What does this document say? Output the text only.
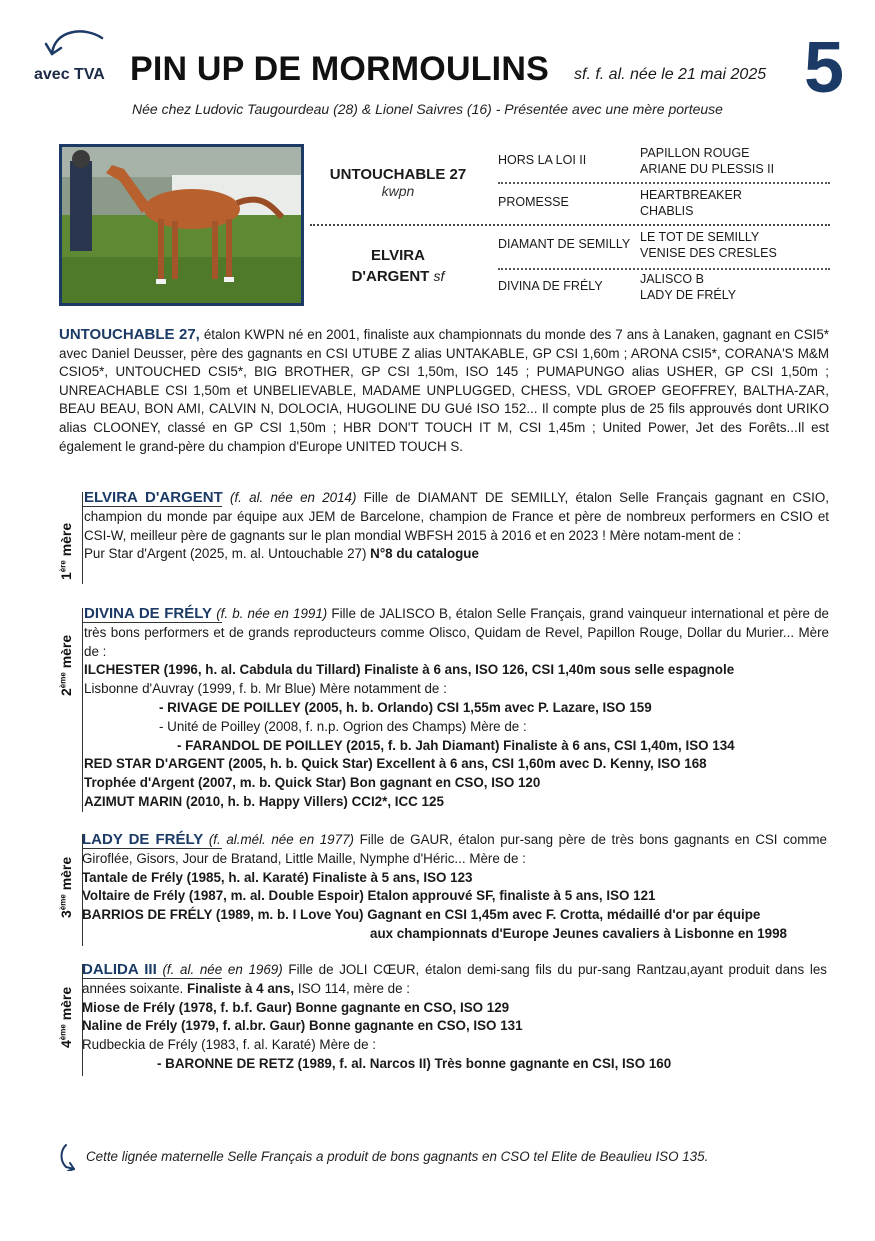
avec TVA PIN UP DE MORMOULINS sf. f. al. née le 21 mai 2025 5
Née chez Ludovic Taugourdeau (28) & Lionel Saivres (16) - Présentée avec une mère porteuse
UNTOUCHABLE 27
kwpn
ELVIRA
D'ARGENT sf
HORS LA LOI II
PROMESSE
DIAMANT DE SEMILLY
DIVINA DE FRÉLY
PAPILLON ROUGE
ARIANE DU PLESSIS II
HEARTBREAKER
CHABLIS
LE TOT DE SEMILLY
VENISE DES CRESLES
JALISCO B
LADY DE FRÉLY
UNTOUCHABLE 27, étalon KWPN né en 2001, finaliste aux championnats du monde des 7 ans à Lanaken, gagnant en CSI5* avec Daniel Deusser, père des gagnants en CSI UTUBE Z alias UNTAKABLE, GP CSI 1,60m ; ARONA CSI5*, CORANA'S M&M CSIO5*, UNTOUCHED CSI5*, BIG BROTHER, GP CSI 1,50m, ISO 145 ; PUMAPUNGO alias USHER, GP CSI 1,50m ; UNREACHABLE CSI 1,50m et UNBELIEVABLE, MADAME UNPLUGGED, CHESS, VDL GROEP GEOFFREY, BALTHA-ZAR, BEAU BEAU, BON AMI, CALVIN N, DOLOCIA, HUGOLINE DU GUé ISO 152... Il compte plus de 25 fils approuvés dont URIKO alias CLOONEY, classé en GP CSI 1,50m ; HBR DON'T TOUCH IT M, CSI 1,45m ; United Power, Jet des Forêts...Il est également le grand-père du champion d'Europe UNITED TOUCH S.
1ère mère
ELVIRA D'ARGENT (f. al. née en 2014) Fille de DIAMANT DE SEMILLY, étalon Selle Français gagnant en CSIO, champion du monde par équipe aux JEM de Barcelone, champion de France et père de nombreux performers en CSIO et CSI-W, meilleur père de gagnants sur le plan mondial WBFSH 2015 à 2016 et en 2023 ! Mère notam-ment de :
Pur Star d'Argent (2025, m. al. Untouchable 27) N°8 du catalogue
2ème mère
DIVINA DE FRÉLY (f. b. née en 1991) Fille de JALISCO B, étalon Selle Français, grand vainqueur international et père de très bons performers et de grands reproducteurs comme Olisco, Quidam de Revel, Papillon Rouge, Dollar du Murier... Mère de :
ILCHESTER (1996, h. al. Cabdula du Tillard) Finaliste à 6 ans, ISO 126, CSI 1,40m sous selle espagnole
Lisbonne d'Auvray (1999, f. b. Mr Blue) Mère notamment de :
- RIVAGE DE POILLEY (2005, h. b. Orlando) CSI 1,55m avec P. Lazare, ISO 159
- Unité de Poilley (2008, f. n.p. Ogrion des Champs) Mère de :
- FARANDOL DE POILLEY (2015, f. b. Jah Diamant) Finaliste à 6 ans, CSI 1,40m, ISO 134
RED STAR D'ARGENT (2005, h. b. Quick Star) Excellent à 6 ans, CSI 1,60m avec D. Kenny, ISO 168
Trophée d'Argent (2007, m. b. Quick Star) Bon gagnant en CSO, ISO 120
AZIMUT MARIN (2010, h. b. Happy Villers) CCI2*, ICC 125
3ème mère
LADY DE FRÉLY (f. al.mél. née en 1977) Fille de GAUR, étalon pur-sang père de très bons gagnants en CSI comme Giroflée, Gisors, Jour de Bratand, Little Maille, Nymphe d'Héric... Mère de :
Tantale de Frély (1985, h. al. Karaté) Finaliste à 5 ans, ISO 123
Voltaire de Frély (1987, m. al. Double Espoir) Etalon approuvé SF, finaliste à 5 ans, ISO 121
BARRIOS DE FRÉLY (1989, m. b. I Love You) Gagnant en CSI 1,45m avec F. Crotta, médaillé d'or par équipe
aux championnats d'Europe Jeunes cavaliers à Lisbonne en 1998
4ème mère
DALIDA III (f. al. née en 1969) Fille de JOLI CŒUR, étalon demi-sang fils du pur-sang Rantzau,ayant produit dans les années soixante. Finaliste à 4 ans, ISO 114, mère de :
Miose de Frély (1978, f. b.f. Gaur) Bonne gagnante en CSO, ISO 129
Naline de Frély (1979, f. al.br. Gaur) Bonne gagnante en CSO, ISO 131
Rudbeckia de Frély (1983, f. al. Karaté) Mère de :
- BARONNE DE RETZ (1989, f. al. Narcos II) Très bonne gagnante en CSI, ISO 160
Cette lignée maternelle Selle Français a produit de bons gagnants en CSO tel Elite de Beaulieu ISO 135.
